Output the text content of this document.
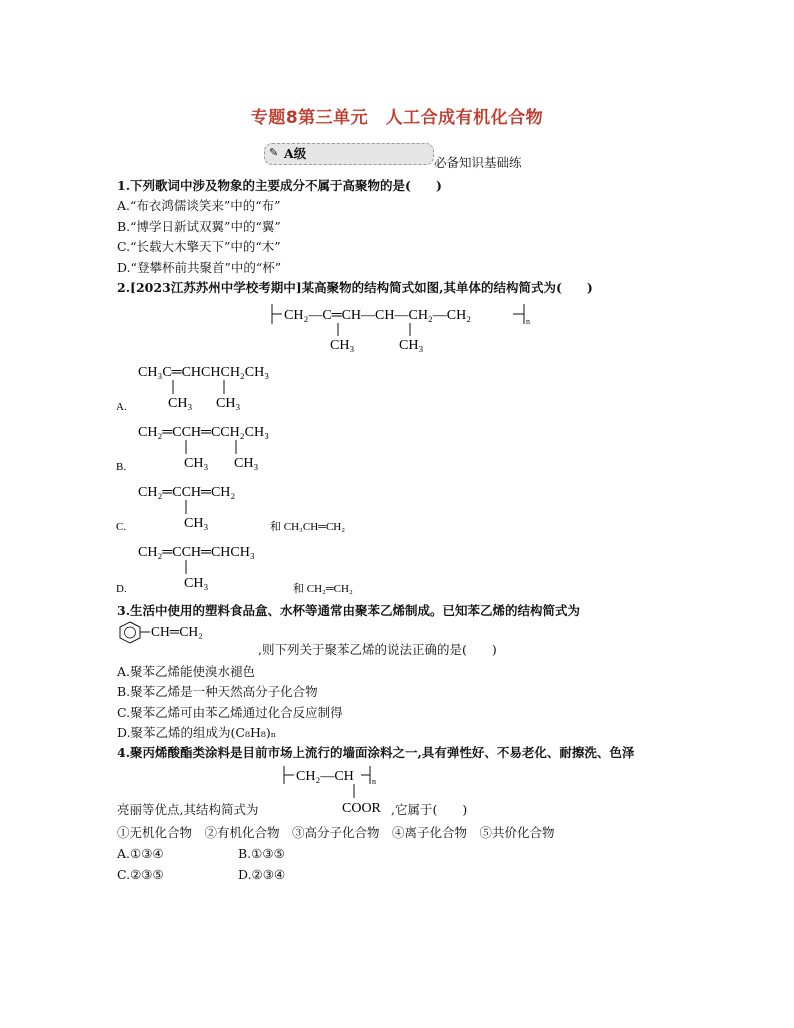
专题8第三单元　人工合成有机化合物
✎ A级
必备知识基础练
1.下列歌词中涉及物象的主要成分不属于高聚物的是(　　)
A.“布衣鸿儒谈笑来”中的“布”
B.“博学日新试双翼”中的“翼”
C.“长载大木擎天下”中的“木”
D.“登攀杯前共聚首”中的“杯”
2.[2023江苏苏州中学校考期中]某高聚物的结构简式如图,其单体的结构简式为(　　)
CH₂—C═CH—CH—CH₂—CH₂	n
CH₃	CH₃
A.
CH₃C═CHCHCH₂CH₃
CH₃ CH₃
B.
CH₂═CCH═CCH₂CH₃
CH₃ CH₃
C.
CH₂═CCH═CH₂
CH₃	和 CH₃CH═CH₂
D.
CH₂═CCH═CHCH₃
CH₃	和 CH₂═CH₂
3.生活中使用的塑料食品盒、水杯等通常由聚苯乙烯制成。已知苯乙烯的结构简式为
CH═CH₂
,则下列关于聚苯乙烯的说法正确的是(　　)
A.聚苯乙烯能使溴水褪色
B.聚苯乙烯是一种天然高分子化合物
C.聚苯乙烯可由苯乙烯通过化合反应制得
D.聚苯乙烯的组成为(C₈H₈)ₙ
4.聚丙烯酸酯类涂料是目前市场上流行的墙面涂料之一,具有弹性好、不易老化、耐擦洗、色泽
CH₂—CH n
COOR
亮丽等优点,其结构简式为	,它属于(　　)
①无机化合物　②有机化合物　③高分子化合物　④离子化合物　⑤共价化合物
A.①③④	B.①③⑤
C.②③⑤	D.②③④
